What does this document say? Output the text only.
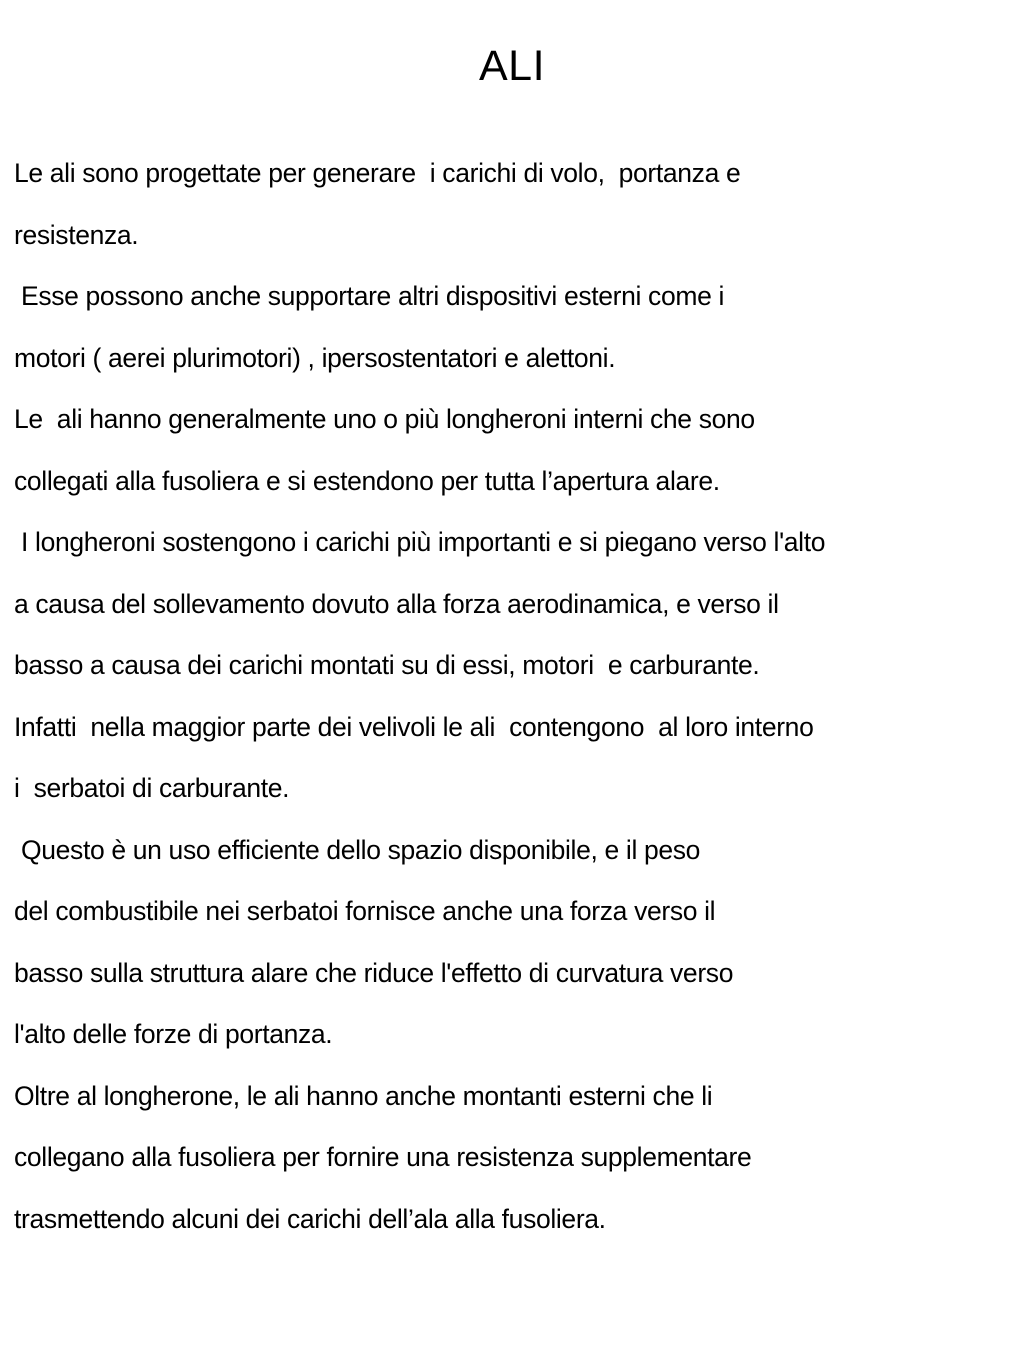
ALI
Le ali sono progettate per generare  i carichi di volo,  portanza e
resistenza.
Esse possono anche supportare altri dispositivi esterni come i
motori ( aerei plurimotori) , ipersostentatori e alettoni.
Le  ali hanno generalmente uno o più longheroni interni che sono
collegati alla fusoliera e si estendono per tutta l’apertura alare.
I longheroni sostengono i carichi più importanti e si piegano verso l'alto
a causa del sollevamento dovuto alla forza aerodinamica, e verso il
basso a causa dei carichi montati su di essi, motori  e carburante.
Infatti  nella maggior parte dei velivoli le ali  contengono  al loro interno
i  serbatoi di carburante.
Questo è un uso efficiente dello spazio disponibile, e il peso
del combustibile nei serbatoi fornisce anche una forza verso il
basso sulla struttura alare che riduce l'effetto di curvatura verso
l'alto delle forze di portanza.
Oltre al longherone, le ali hanno anche montanti esterni che li
collegano alla fusoliera per fornire una resistenza supplementare
trasmettendo alcuni dei carichi dell’ala alla fusoliera.
